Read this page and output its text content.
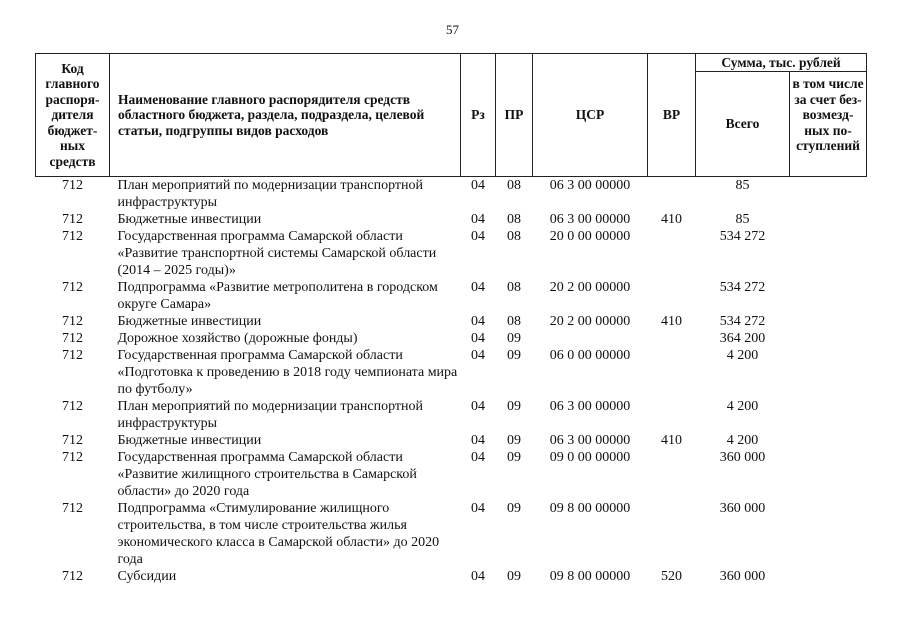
57
Код главного распоря-дителя бюджет-ных средств	Наименование главного распорядителя средств областного бюджета, раздела, подраздела, целевой статьи, подгруппы видов расходов	Рз	ПР	ЦСР	ВР	Сумма, тыс. рублей	
						Всего	в том числе за счет без-возмезд-ных по-ступлений
712	План мероприятий по модернизации транспортной инфраструктуры	04	08	06 3 00 00000		85	
712	Бюджетные инвестиции	04	08	06 3 00 00000	410	85	
712	Государственная программа Самарской области «Развитие транспортной системы Самарской области (2014 – 2025 годы)»	04	08	20 0 00 00000		534 272	
712	Подпрограмма «Развитие метрополитена в городском округе Самара»	04	08	20 2 00 00000		534 272	
712	Бюджетные инвестиции	04	08	20 2 00 00000	410	534 272	
712	Дорожное хозяйство (дорожные фонды)	04	09			364 200	
712	Государственная программа Самарской области «Подготовка к проведению в 2018 году чемпионата мира по футболу»	04	09	06 0 00 00000		4 200	
712	План мероприятий по модернизации транспортной инфраструктуры	04	09	06 3 00 00000		4 200	
712	Бюджетные инвестиции	04	09	06 3 00 00000	410	4 200	
712	Государственная программа Самарской области «Развитие жилищного строительства в Самарской области» до 2020 года	04	09	09 0 00 00000		360 000	
712	Подпрограмма «Стимулирование жилищного строительства, в том числе строительства жилья экономического класса в Самарской области» до 2020 года	04	09	09 8 00 00000		360 000	
712	Субсидии	04	09	09 8 00 00000	520	360 000	
